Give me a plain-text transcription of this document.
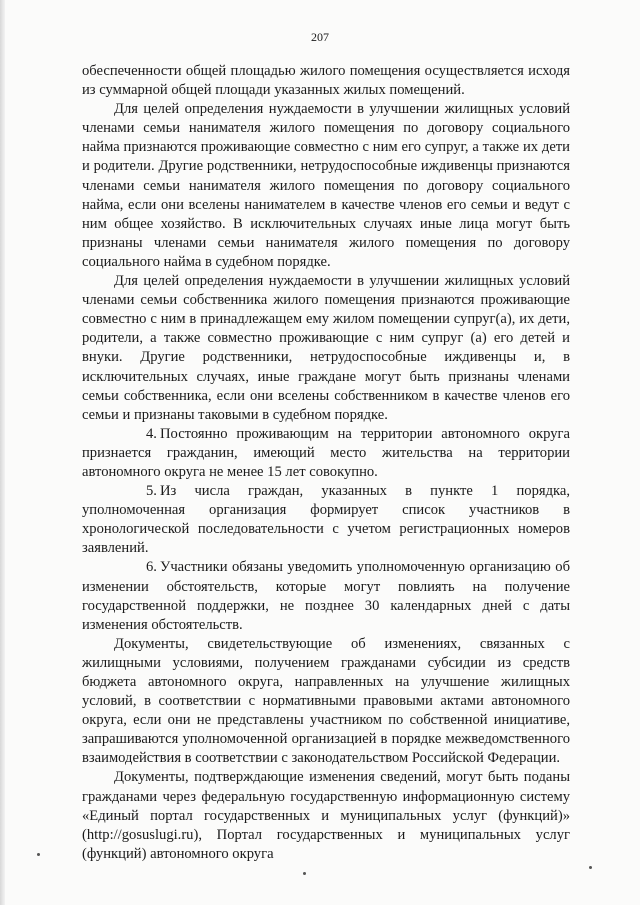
207

обеспеченности общей площадью жилого помещения осуществляется исходя из суммарной общей площади указанных жилых помещений.

Для целей определения нуждаемости в улучшении жилищных условий членами семьи нанимателя жилого помещения по договору социального найма признаются проживающие совместно с ним его супруг, а также их дети и родители. Другие родственники, нетрудоспособные иждивенцы признаются членами семьи нанимателя жилого помещения по договору социального найма, если они вселены нанимателем в качестве членов его семьи и ведут с ним общее хозяйство. В исключительных случаях иные лица могут быть признаны членами семьи нанимателя жилого помещения по договору социального найма в судебном порядке.

Для целей определения нуждаемости в улучшении жилищных условий членами семьи собственника жилого помещения признаются проживающие совместно с ним в принадлежащем ему жилом помещении супруг(а), их дети, родители, а также совместно проживающие с ним супруг (а) его детей и внуки. Другие родственники, нетрудоспособные иждивенцы и, в исключительных случаях, иные граждане могут быть признаны членами семьи собственника, если они вселены собственником в качестве членов его семьи и признаны таковыми в судебном порядке.

4. Постоянно проживающим на территории автономного округа признается гражданин, имеющий место жительства на территории автономного округа не менее 15 лет совокупно.

5. Из числа граждан, указанных в пункте 1 порядка, уполномоченная организация формирует список участников в хронологической последовательности с учетом регистрационных номеров заявлений.

6. Участники обязаны уведомить уполномоченную организацию об изменении обстоятельств, которые могут повлиять на получение государственной поддержки, не позднее 30 календарных дней с даты изменения обстоятельств.

Документы, свидетельствующие об изменениях, связанных с жилищными условиями, получением гражданами субсидии из средств бюджета автономного округа, направленных на улучшение жилищных условий, в соответствии с нормативными правовыми актами автономного округа, если они не представлены участником по собственной инициативе, запрашиваются уполномоченной организацией в порядке межведомственного взаимодействия в соответствии с законодательством Российской Федерации.

Документы, подтверждающие изменения сведений, могут быть поданы гражданами через федеральную государственную информационную систему «Единый портал государственных и муниципальных услуг (функций)» (http://gosuslugi.ru), Портал государственных и муниципальных услуг (функций) автономного округа
